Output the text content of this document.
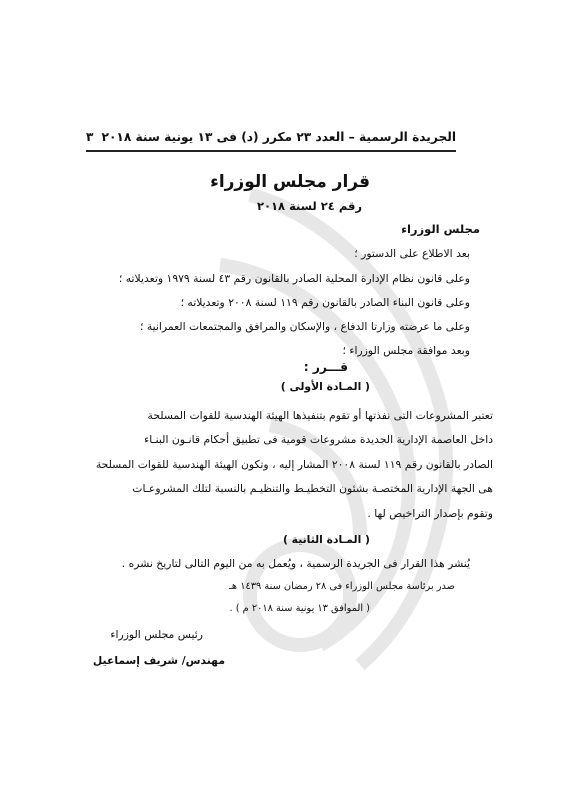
٣ الجريدة الرسمية – العدد ٢٣ مكرر (د) فى ١٣ يونية سنة ٢٠١٨
قرار مجلس الوزراء
رقم ٢٤ لسنة ٢٠١٨
مجلس الوزراء
بعد الاطلاع على الدستور ؛
وعلى قانون نظام الإدارة المحلية الصادر بالقانون رقم ٤٣ لسنة ١٩٧٩ وتعديلاته ؛
وعلى قانون البناء الصادر بالقانون رقم ١١٩ لسنة ٢٠٠٨ وتعديلاته ؛
وعلى ما عرضته وزارتا الدفاع ، والإسكان والمرافق والمجتمعات العمرانية ؛
وبعد موافقة مجلس الوزراء ؛
قـــرر :
( المـادة الأولى )
تعتبر المشروعات التى نفذتها أو تقوم بتنفيذها الهيئة الهندسية للقوات المسلحة
داخل العاصمة الإدارية الجديدة مشروعات قومية فى تطبيق أحكام قانـون البنـاء
الصادر بالقانون رقم ١١٩ لسنة ٢٠٠٨ المشار إليه ، وتكون الهيئة الهندسية للقوات المسلحة
هى الجهة الإدارية المختصـة بشئون التخطيـط والتنظيـم بالنسبة لتلك المشروعـات
وتقوم بإصدار التراخيص لها .
( المـادة الثانية )
يُنشر هذا القرار فى الجريدة الرسمية ، ويُعمل به من اليوم التالى لتاريخ نشره .
صدر برئاسة مجلس الوزراء فى ٢٨ رمضان سنة ١٤٣٩ هـ
( الموافق ١٣ يونية سنة ٢٠١٨ م ) .
رئيس مجلس الوزراء
مهندس/ شريف إسماعيل
